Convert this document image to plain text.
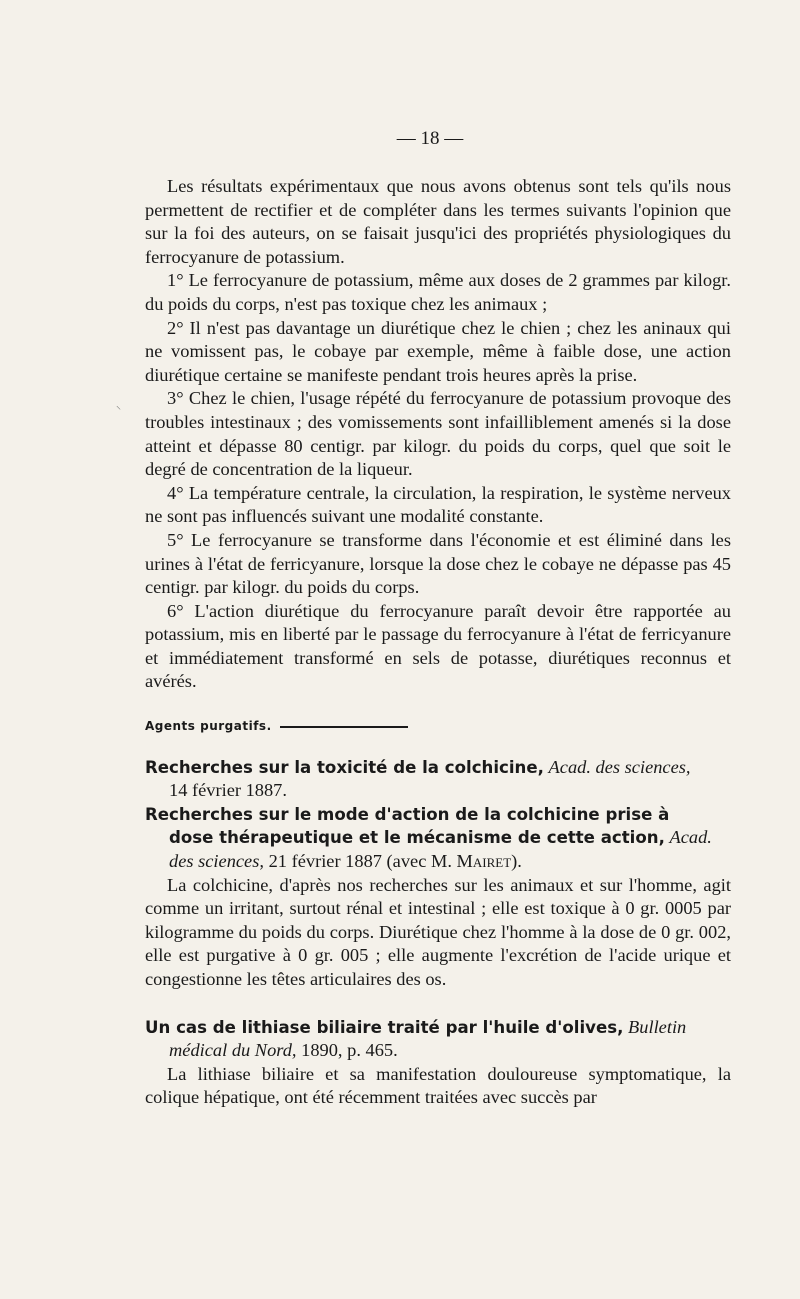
— 18 —
⸌

Les résultats expérimentaux que nous avons obtenus sont tels qu'ils nous permettent de rectifier et de compléter dans les termes suivants l'opinion que sur la foi des auteurs, on se faisait jusqu'ici des propriétés physiologiques du ferrocyanure de potassium.

1° Le ferrocyanure de potassium, même aux doses de 2 grammes par kilogr. du poids du corps, n'est pas toxique chez les animaux ;

2° Il n'est pas davantage un diurétique chez le chien ; chez les aninaux qui ne vomissent pas, le cobaye par exemple, même à faible dose, une action diurétique certaine se manifeste pendant trois heures après la prise.

3° Chez le chien, l'usage répété du ferrocyanure de potassium provoque des troubles intestinaux ; des vomissements sont infailliblement amenés si la dose atteint et dépasse 80 centigr. par kilogr. du poids du corps, quel que soit le degré de concentration de la liqueur.

4° La température centrale, la circulation, la respiration, le système nerveux ne sont pas influencés suivant une modalité constante.

5° Le ferrocyanure se transforme dans l'économie et est éliminé dans les urines à l'état de ferricyanure, lorsque la dose chez le cobaye ne dépasse pas 45 centigr. par kilogr. du poids du corps.

6° L'action diurétique du ferrocyanure paraît devoir être rapportée au potassium, mis en liberté par le passage du ferrocyanure à l'état de ferricyanure et immédiatement transformé en sels de potasse, diurétiques reconnus et avérés.

Agents purgatifs.
Recherches sur la toxicité de la colchicine, Acad. des sciences,
14 février 1887.
Recherches sur le mode d'action de la colchicine prise à
dose thérapeutique et le mécanisme de cette action, Acad.
des sciences, 21 février 1887 (avec M. Mairet).

La colchicine, d'après nos recherches sur les animaux et sur l'homme, agit comme un irritant, surtout rénal et intestinal ; elle est toxique à 0 gr. 0005 par kilogramme du poids du corps. Diurétique chez l'homme à la dose de 0 gr. 002, elle est purgative à 0 gr. 005 ; elle augmente l'excrétion de l'acide urique et congestionne les têtes articulaires des os.

Un cas de lithiase biliaire traité par l'huile d'olives, Bulletin
médical du Nord, 1890, p. 465.

La lithiase biliaire et sa manifestation douloureuse symptomatique, la colique hépatique, ont été récemment traitées avec succès par
